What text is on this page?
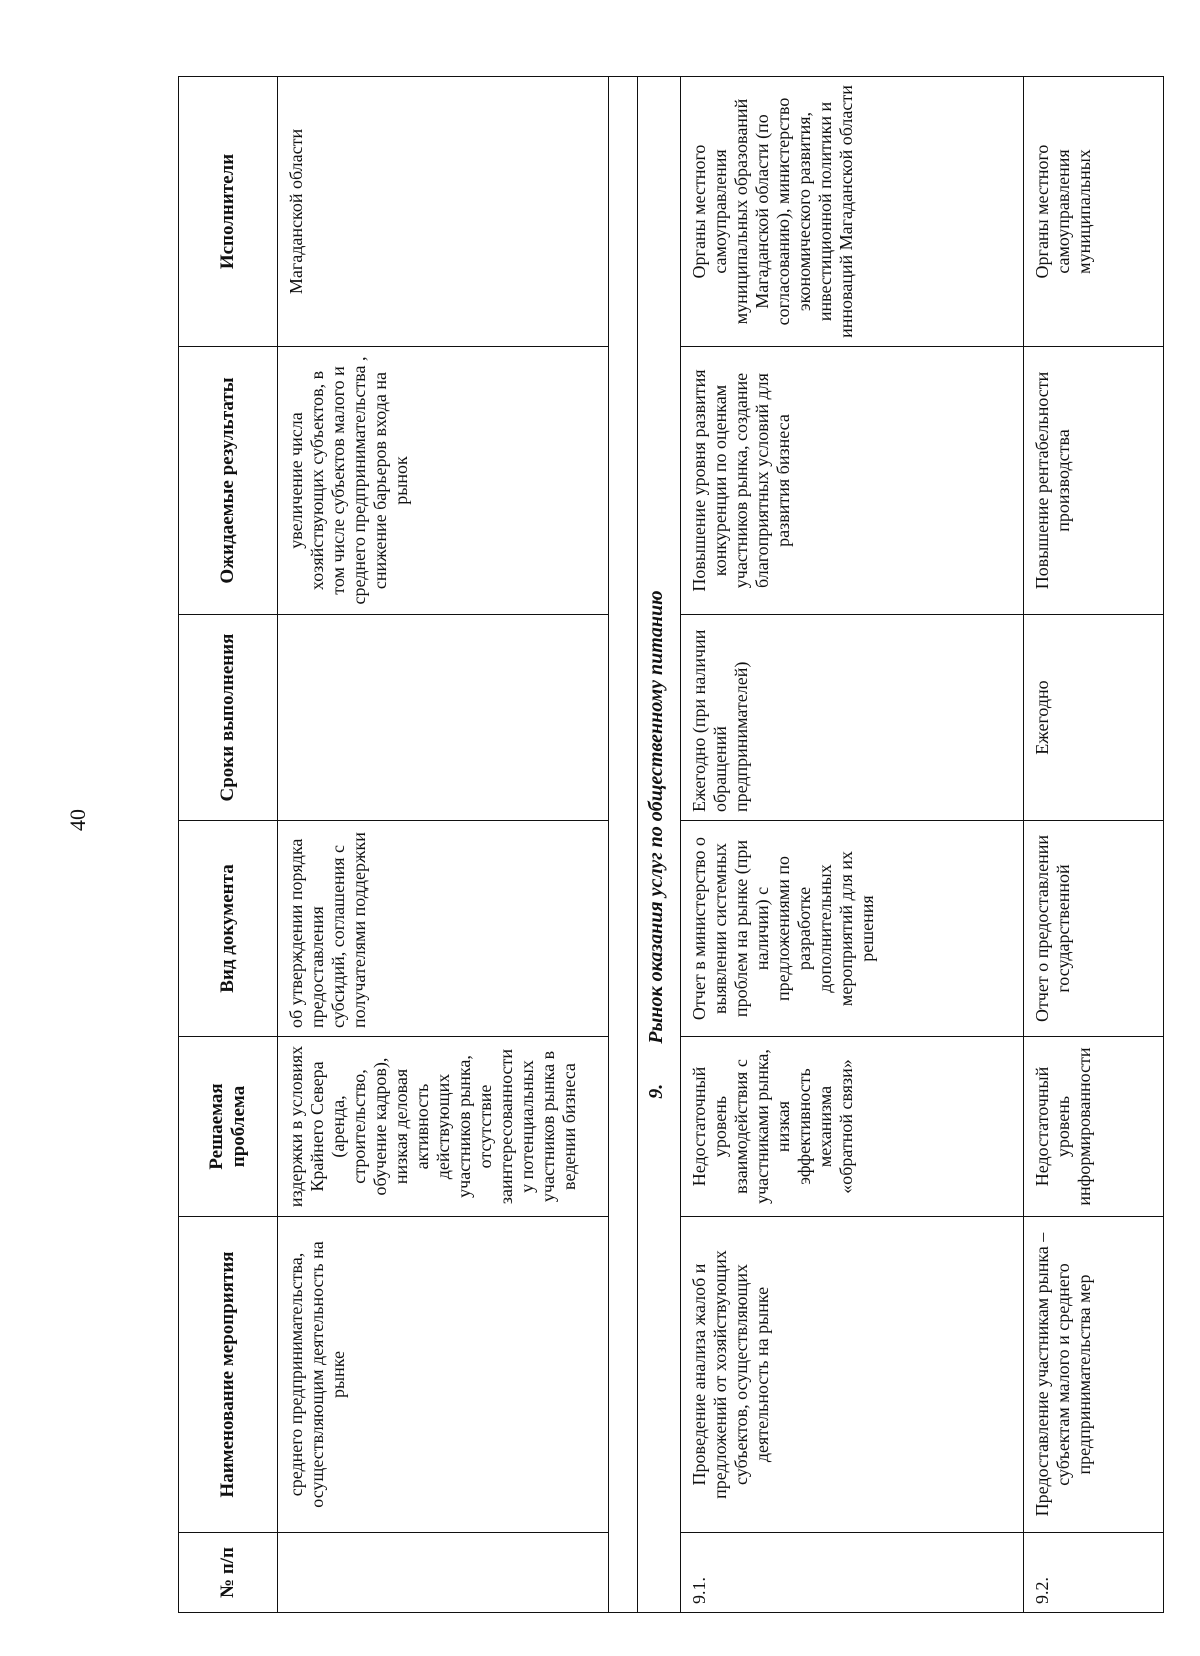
40
№ п/п	Наименование мероприятия	Решаемая проблема	Вид документа	Сроки выполнения	Ожидаемые результаты	Исполнители
	среднего предпринимательства, осуществляющим деятельность на рынке	издержки в условиях Крайнего Севера (аренда, строительство, обучение кадров), низкая деловая активность действующих участников рынка, отсутствие заинтересованности у потенциальных участников рынка в ведении бизнеса	об утверждении порядка предоставления субсидий, соглашения с получателями поддержки		увеличение числа хозяйствующих субъектов, в том числе субъектов малого и среднего предпринимательства , снижение барьеров входа на рынок	Магаданской области

9.Рынок оказания услуг по общественному питанию						
9.1.	Проведение анализа жалоб и предложений от хозяйствующих субъектов, осуществляющих деятельность на рынке	Недостаточный уровень взаимодействия с участниками рынка, низкая эффективность механизма «обратной связи»	Отчет в министерство о выявлении системных проблем на рынке (при наличии) с предложениями по разработке дополнительных мероприятий для их решения	Ежегодно (при наличии обращений предпринимателей)	Повышение уровня развития конкуренции по оценкам участников рынка, создание благоприятных условий для развития бизнеса	Органы местного самоуправления муниципальных образований Магаданской области (по согласованию), министерство экономического развития, инвестиционной политики и инноваций Магаданской области
9.2.	Предоставление участникам рынка – субъектам малого и среднего предпринимательства мер	Недостаточный уровень информированности	Отчет о предоставлении государственной	Ежегодно	Повышение рентабельности производства	Органы местного самоуправления муниципальных
